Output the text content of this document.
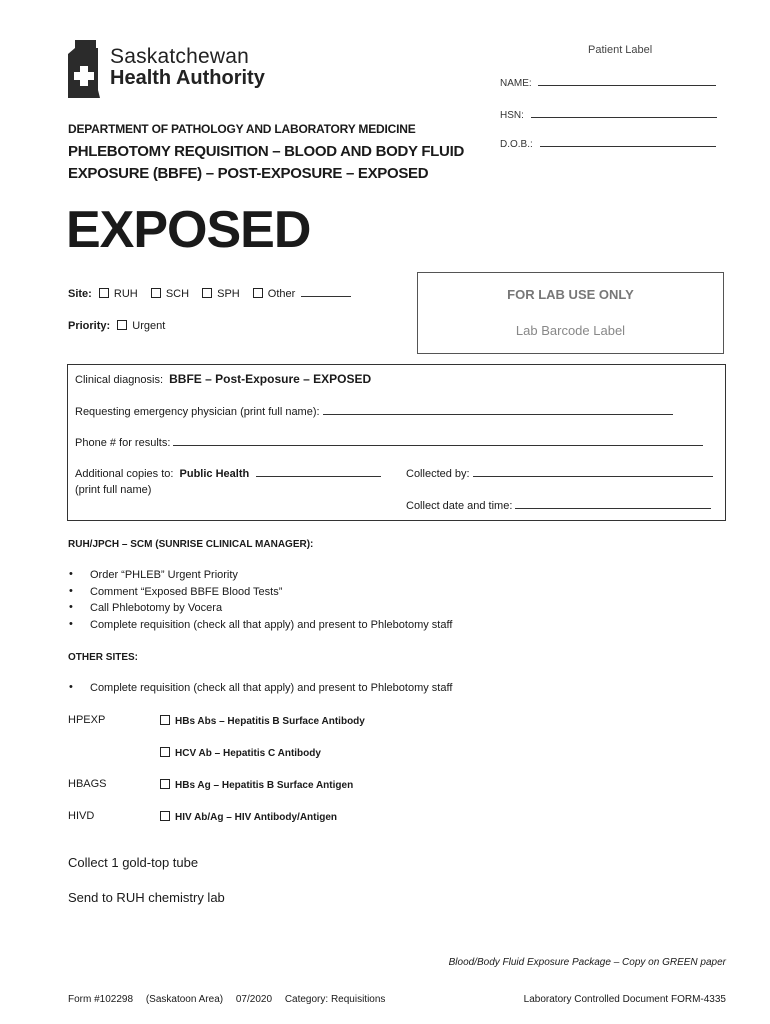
Saskatchewan
Health Authority
Patient Label
NAME:
HSN:
D.O.B.:
DEPARTMENT OF PATHOLOGY AND LABORATORY MEDICINE
PHLEBOTOMY REQUISITION – BLOOD AND BODY FLUID
EXPOSURE (BBFE) – POST-EXPOSURE – EXPOSED
EXPOSED
Site: RUH	SCH	SPH	Other
Priority: Urgent
FOR LAB USE ONLY
Lab Barcode Label
Clinical diagnosis: BBFE – Post-Exposure – EXPOSED
Requesting emergency physician (print full name):
Phone # for results:
Additional copies to: Public Health
(print full name)
Collected by:
Collect date and time:
RUH/JPCH – SCM (SUNRISE CLINICAL MANAGER):
• Order “PHLEB” Urgent Priority
• Comment “Exposed BBFE Blood Tests”
• Call Phlebotomy by Vocera
• Complete requisition (check all that apply) and present to Phlebotomy staff
OTHER SITES:
• Complete requisition (check all that apply) and present to Phlebotomy staff
HPEXP	HBs Abs – Hepatitis B Surface Antibody
HCV Ab – Hepatitis C Antibody
HBAGS	HBs Ag – Hepatitis B Surface Antigen
HIVD	HIV Ab/Ag – HIV Antibody/Antigen
Collect 1 gold-top tube
Send to RUH chemistry lab
Blood/Body Fluid Exposure Package – Copy on GREEN paper
Form #102298 (Saskatoon Area) 07/2020 Category: Requisitions	Laboratory Controlled Document FORM-4335
